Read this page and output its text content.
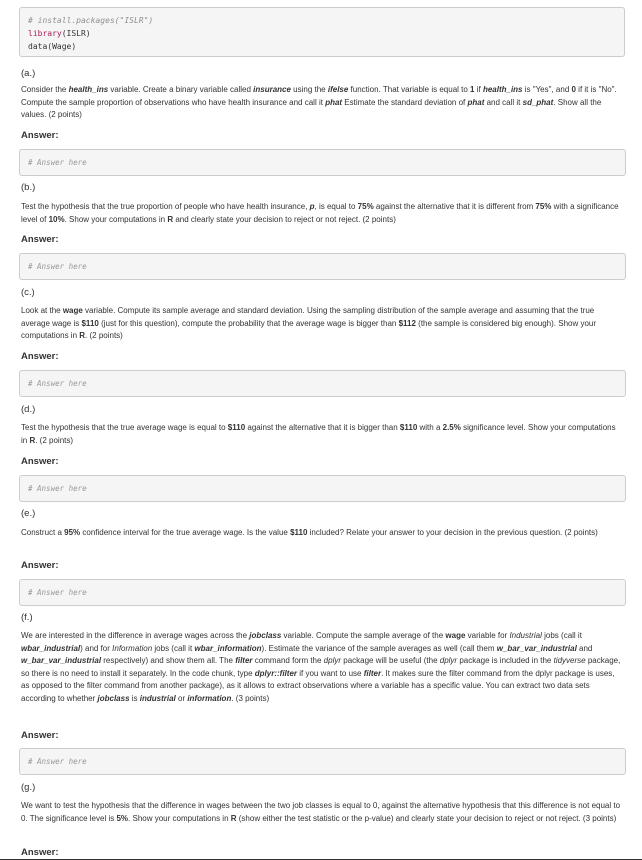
# install.packages("ISLR")
library(ISLR)
data(Wage)
(a.)
Consider the health_ins variable. Create a binary variable called insurance using the ifelse function. That variable is equal to 1 if health_ins is "Yes", and 0 if it is "No". Compute the sample proportion of observations who have health insurance and call it phat Estimate the standard deviation of phat and call it sd_phat. Show all the values. (2 points)
Answer:
# Answer here
(b.)
Test the hypothesis that the true proportion of people who have health insurance, p, is equal to 75% against the alternative that it is different from 75% with a significance level of 10%. Show your computations in R and clearly state your decision to reject or not reject. (2 points)
Answer:
# Answer here
(c.)
Look at the wage variable. Compute its sample average and standard deviation. Using the sampling distribution of the sample average and assuming that the true average wage is $110 (just for this question), compute the probability that the average wage is bigger than $112 (the sample is considered big enough). Show your computations in R. (2 points)
Answer:
# Answer here
(d.)
Test the hypothesis that the true average wage is equal to $110 against the alternative that it is bigger than $110 with a 2.5% significance level. Show your computations in R. (2 points)
Answer:
# Answer here
(e.)
Construct a 95% confidence interval for the true average wage. Is the value $110 included? Relate your answer to your decision in the previous question. (2 points)
Answer:
# Answer here
(f.)
We are interested in the difference in average wages across the jobclass variable. Compute the sample average of the wage variable for Industrial jobs (call it wbar_industrial) and for Information jobs (call it wbar_information). Estimate the variance of the sample averages as well (call them w_bar_var_industrial and w_bar_var_industrial respectively) and show them all. The filter command form the dplyr package will be useful (the dplyr package is included in the tidyverse package, so there is no need to install it separately. In the code chunk, type dplyr::filter if you want to use filter. It makes sure the filter command from the dplyr package is uses, as opposed to the filter command from another package), as it allows to extract observations where a variable has a specific value. You can extract two data sets according to whether jobclass is industrial or information. (3 points)
Answer:
# Answer here
(g.)
We want to test the hypothesis that the difference in wages between the two job classes is equal to 0, against the alternative hypothesis that this difference is not equal to 0. The significance level is 5%. Show your computations in R (show either the test statistic or the p-value) and clearly state your decision to reject or not reject. (3 points)
Answer:
